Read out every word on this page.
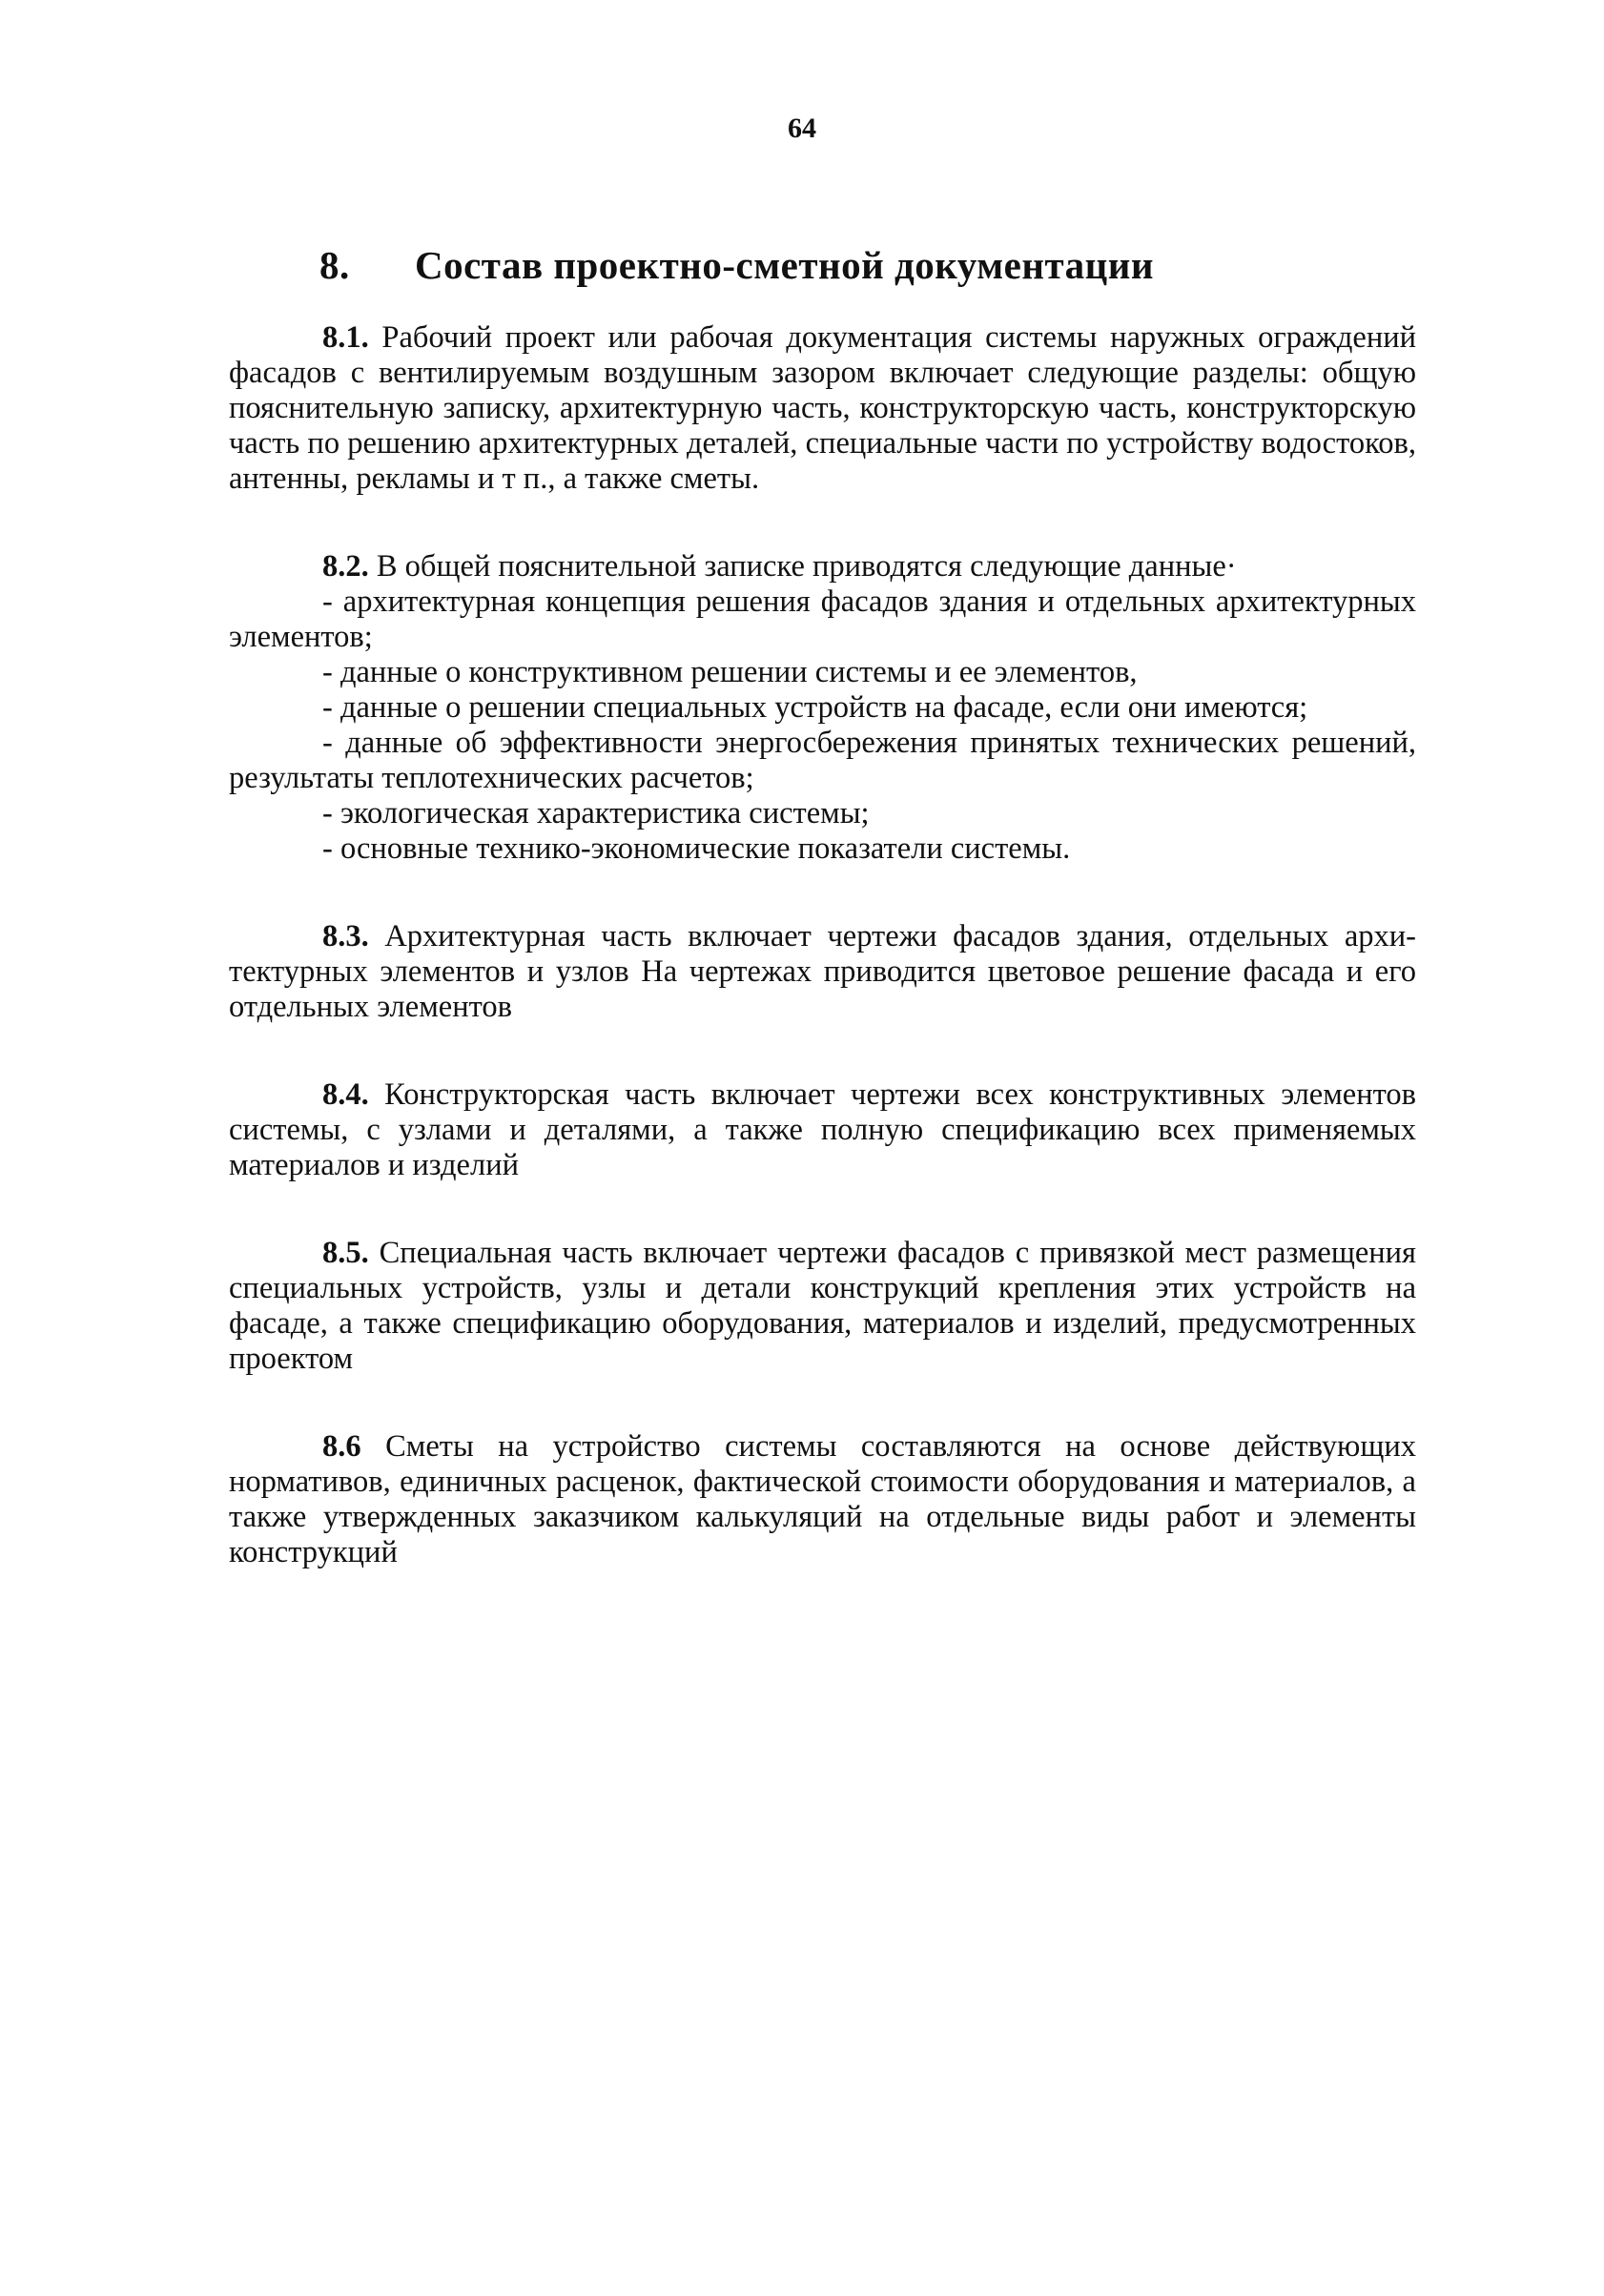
64
8. Состав проектно-сметной документации

8.1. Рабочий проект или рабочая документация системы наружных ограждений фасадов с вентилируемым воздушным зазором включает следующие разделы: общую пояснительную записку, архитектурную часть, конструкторскую часть, конструкторскую часть по решению архитектурных деталей, специальные части по устройству водостоков, антенны, рекламы и т п., а также сметы.

8.2. В общей пояснительной записке приводятся следующие данные·

- архитектурная концепция решения фасадов здания и отдельных архитектурных элементов;

- данные о конструктивном решении системы и ее элементов,

- данные о решении специальных устройств на фасаде, если они имеются;

- данные об эффективности энергосбережения принятых технических решений, результаты теплотехнических расчетов;

- экологическая характеристика системы;

- основные технико-экономические показатели системы.

8.3. Архитектурная часть включает чертежи фасадов здания, отдельных архитектурных элементов и узлов На чертежах приводится цветовое решение фасада и его отдельных элементов

8.4. Конструкторская часть включает чертежи всех конструктивных элементов системы, с узлами и деталями, а также полную спецификацию всех применяемых материалов и изделий

8.5. Специальная часть включает чертежи фасадов с привязкой мест размещения специальных устройств, узлы и детали конструкций крепления этих устройств на фасаде, а также спецификацию оборудования, материалов и изделий, предусмотренных проектом

8.6 Сметы на устройство системы составляются на основе действующих нормативов, единичных расценок, фактической стоимости оборудования и материалов, а также утвержденных заказчиком калькуляций на отдельные виды работ и элементы конструкций
